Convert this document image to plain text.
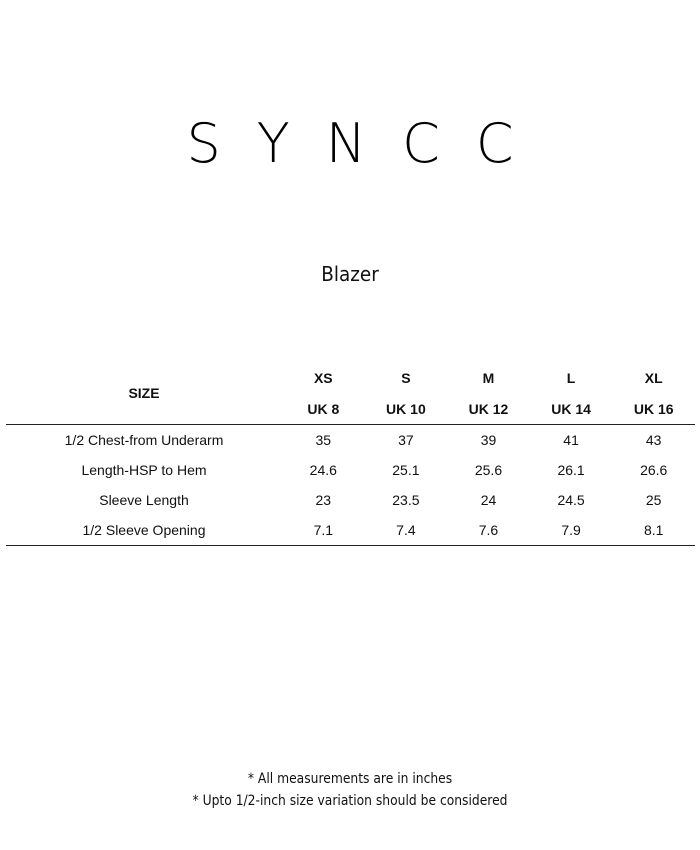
SYNCC
Blazer
SIZE	XS	S	M	L	XL
	UK 8	UK 10	UK 12	UK 14	UK 16
1/2 Chest-from Underarm	35	37	39	41	43
Length-HSP to Hem	24.6	25.1	25.6	26.1	26.6
Sleeve Length	23	23.5	24	24.5	25
1/2 Sleeve Opening	7.1	7.4	7.6	7.9	8.1
* All measurements are in inches
* Upto 1/2-inch size variation should be considered
